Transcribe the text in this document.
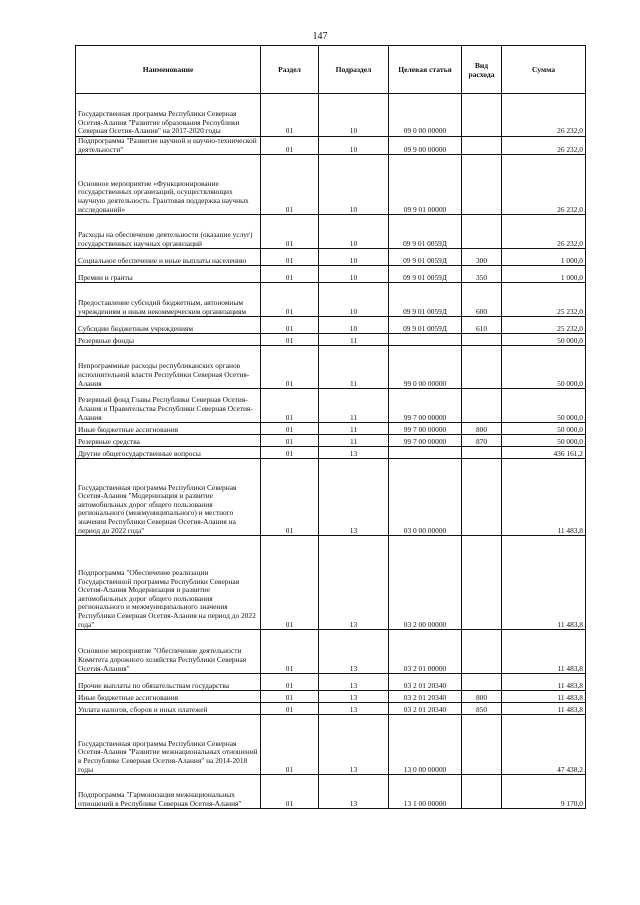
147
Наименование	Раздел	Подраздел	Целевая статья	Вид расхода	Сумма
Государственная программа Республики Северная Осетия-Алания "Развитие образования Республики Северная Осетия-Алания" на 2017-2020 годы	01	10	09 0 00 00000		26 232,0
Подпрограмма "Развитие научной и научно-технической деятельности"	01	10	09 9 00 00000		26 232,0
Основное мероприятие «Функционирование государственных организаций, осуществляющих научную деятельность. Грантовая поддержка научных исследований»	01	10	09 9 01 00000		26 232,0
Расходы на обеспечение деятельности (оказание услуг) государственных научных организаций	01	10	09 9 01 0059Д		26 232,0
Социальное обеспечение и иные выплаты населению	01	10	09 9 01 0059Д	300	1 000,0
Премии и гранты	01	10	09 9 01 0059Д	350	1 000,0
Предоставление субсидий бюджетным, автономным учреждениям и иным некоммерческим организациям	01	10	09 9 01 0059Д	600	25 232,0
Субсидии бюджетным учреждениям	01	10	09 9 01 0059Д	610	25 232,0
Резервные фонды	01	11			50 000,0
Непрограммные расходы республиканских органов исполнительной власти Республики Северная Осетия-Алания	01	11	99 0 00 00000		50 000,0
Резервный фонд Главы Республики Северная Осетия-Алания и Правительства Республики Северная Осетия-Алания	01	11	99 7 00 00000		50 000,0
Иные бюджетные ассигнования	01	11	99 7 00 00000	800	50 000,0
Резервные средства	01	11	99 7 00 00000	870	50 000,0
Другие общегосударственные вопросы	01	13			436 161,2
Государственная программа Республики Северная Осетия-Алания "Модернизация и развитие автомобильных дорог общего пользования регионального (межмуниципального) и местного значения Республики Северная Осетия-Алания на период до 2022 года"	01	13	03 0 00 00000		11 483,8
Подпрограмма "Обеспечение реализации Государственной программы Республики Северная Осетия-Алания Модернизация и развитие автомобильных дорог общего пользования регионального и межмуниципального значения Республики Северная Осетия-Алания на период до 2022 года"	01	13	03 2 00 00000		11 483,8
Основное мероприятие "Обеспечение деятельности Комитета дорожного хозяйства Республики Северная Осетия-Алания"	01	13	03 2 01 00000		11 483,8
Прочие выплаты по обязательствам государства	01	13	03 2 01 20340		11 483,8
Иные бюджетные ассигнования	01	13	03 2 01 20340	800	11 483,8
Уплата налогов, сборов и иных платежей	01	13	03 2 01 20340	850	11 483,8
Государственная программа Республики Северная Осетия-Алания "Развитие межнациональных отношений в Республике Северная Осетия-Алания" на 2014-2018 годы	01	13	13 0 00 00000		47 438,2
Подпрограмма "Гармонизация межнациональных отношений в Республике Северная Осетия-Алания"	01	13	13 1 00 00000		9 170,0
